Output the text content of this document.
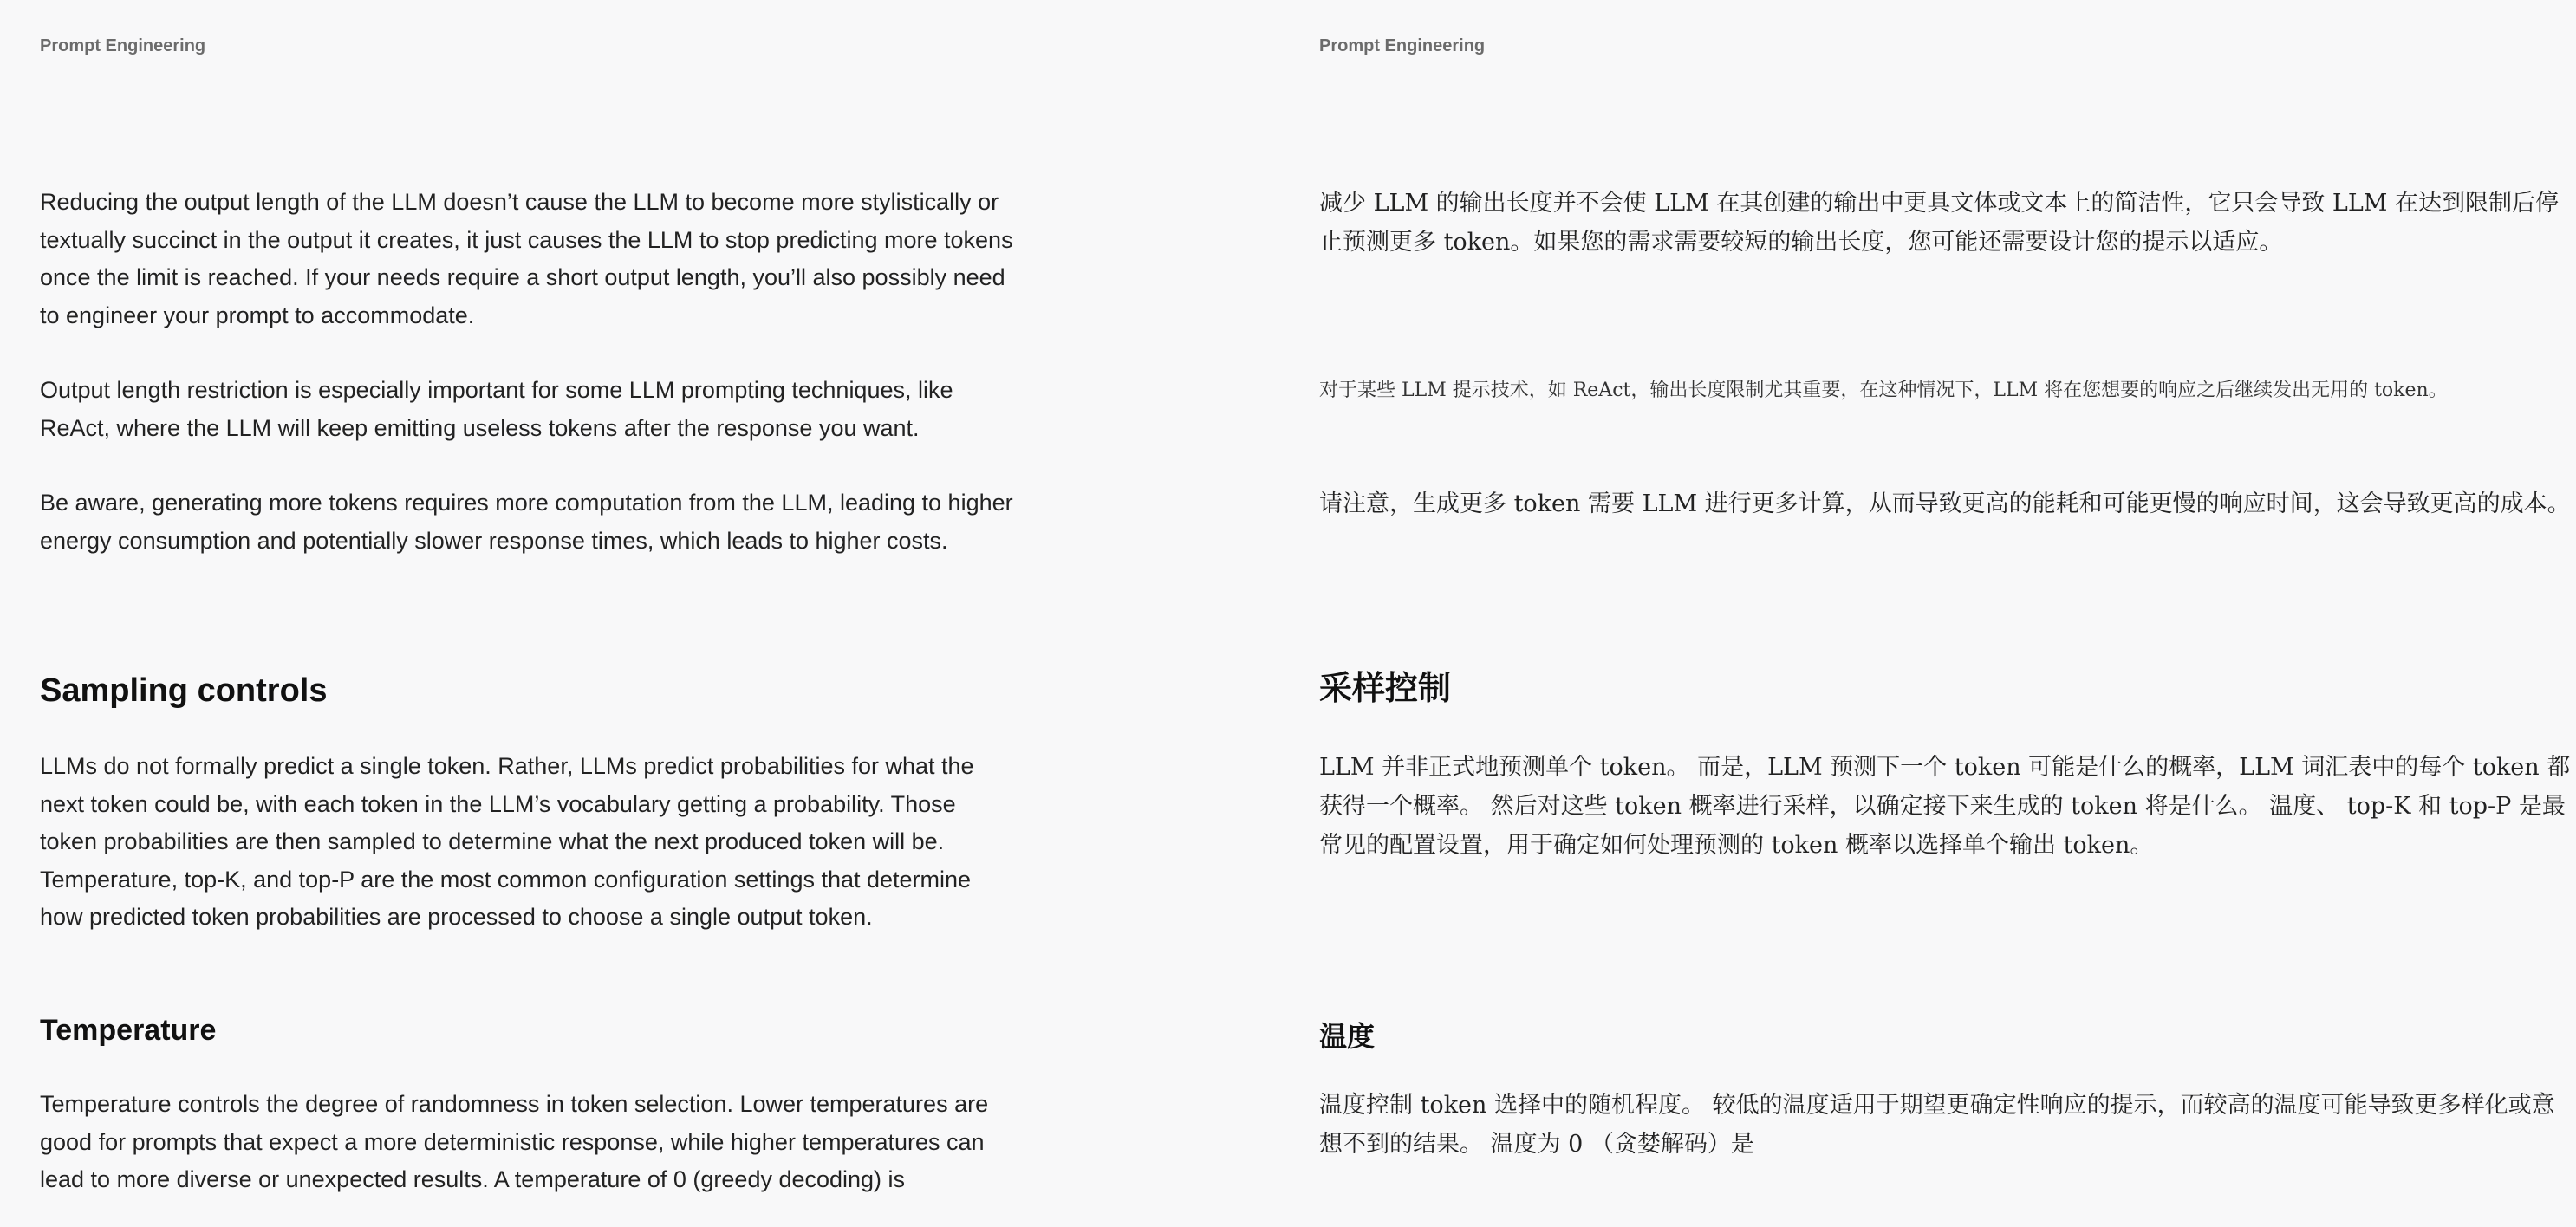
Prompt Engineering

Reducing the output length of the LLM doesn’t cause the LLM to become more stylistically or textually succinct in the output it creates, it just causes the LLM to stop predicting more tokens once the limit is reached. If your needs require a short output length, you’ll also possibly need to engineer your prompt to accommodate.

Output length restriction is especially important for some LLM prompting techniques, like ReAct, where the LLM will keep emitting useless tokens after the response you want.

Be aware, generating more tokens requires more computation from the LLM, leading to higher energy consumption and potentially slower response times, which leads to higher costs.

Sampling controls

LLMs do not formally predict a single token. Rather, LLMs predict probabilities for what the next token could be, with each token in the LLM’s vocabulary getting a probability. Those token probabilities are then sampled to determine what the next produced token will be. Temperature, top-K, and top-P are the most common configuration settings that determine how predicted token probabilities are processed to choose a single output token.

Temperature

Temperature controls the degree of randomness in token selection. Lower temperatures are good for prompts that expect a more deterministic response, while higher temperatures can lead to more diverse or unexpected results. A temperature of 0 (greedy decoding) is

Prompt Engineering

减少 LLM 的输出长度并不会使 LLM 在其创建的输出中更具文体或文本上的简洁性，它只会导致 LLM 在达到限制后停止预测更多 token。如果您的需求需要较短的输出长度，您可能还需要设计您的提示以适应。

对于某些 LLM 提示技术，如 ReAct，输出长度限制尤其重要，在这种情况下，LLM 将在您想要的响应之后继续发出无用的 token。

请注意，生成更多 token 需要 LLM 进行更多计算，从而导致更高的能耗和可能更慢的响应时间，这会导致更高的成本。

采样控制

LLM 并非正式地预测单个 token。 而是，LLM 预测下一个 token 可能是什么的概率，LLM 词汇表中的每个 token 都获得一个概率。 然后对这些 token 概率进行采样，以确定接下来生成的 token 将是什么。 温度、 top-K 和 top-P 是最常见的配置设置，用于确定如何处理预测的 token 概率以选择单个输出 token。

温度

温度控制 token 选择中的随机程度。 较低的温度适用于期望更确定性响应的提示，而较高的温度可能导致更多样化或意想不到的结果。 温度为 0 （贪婪解码）是
